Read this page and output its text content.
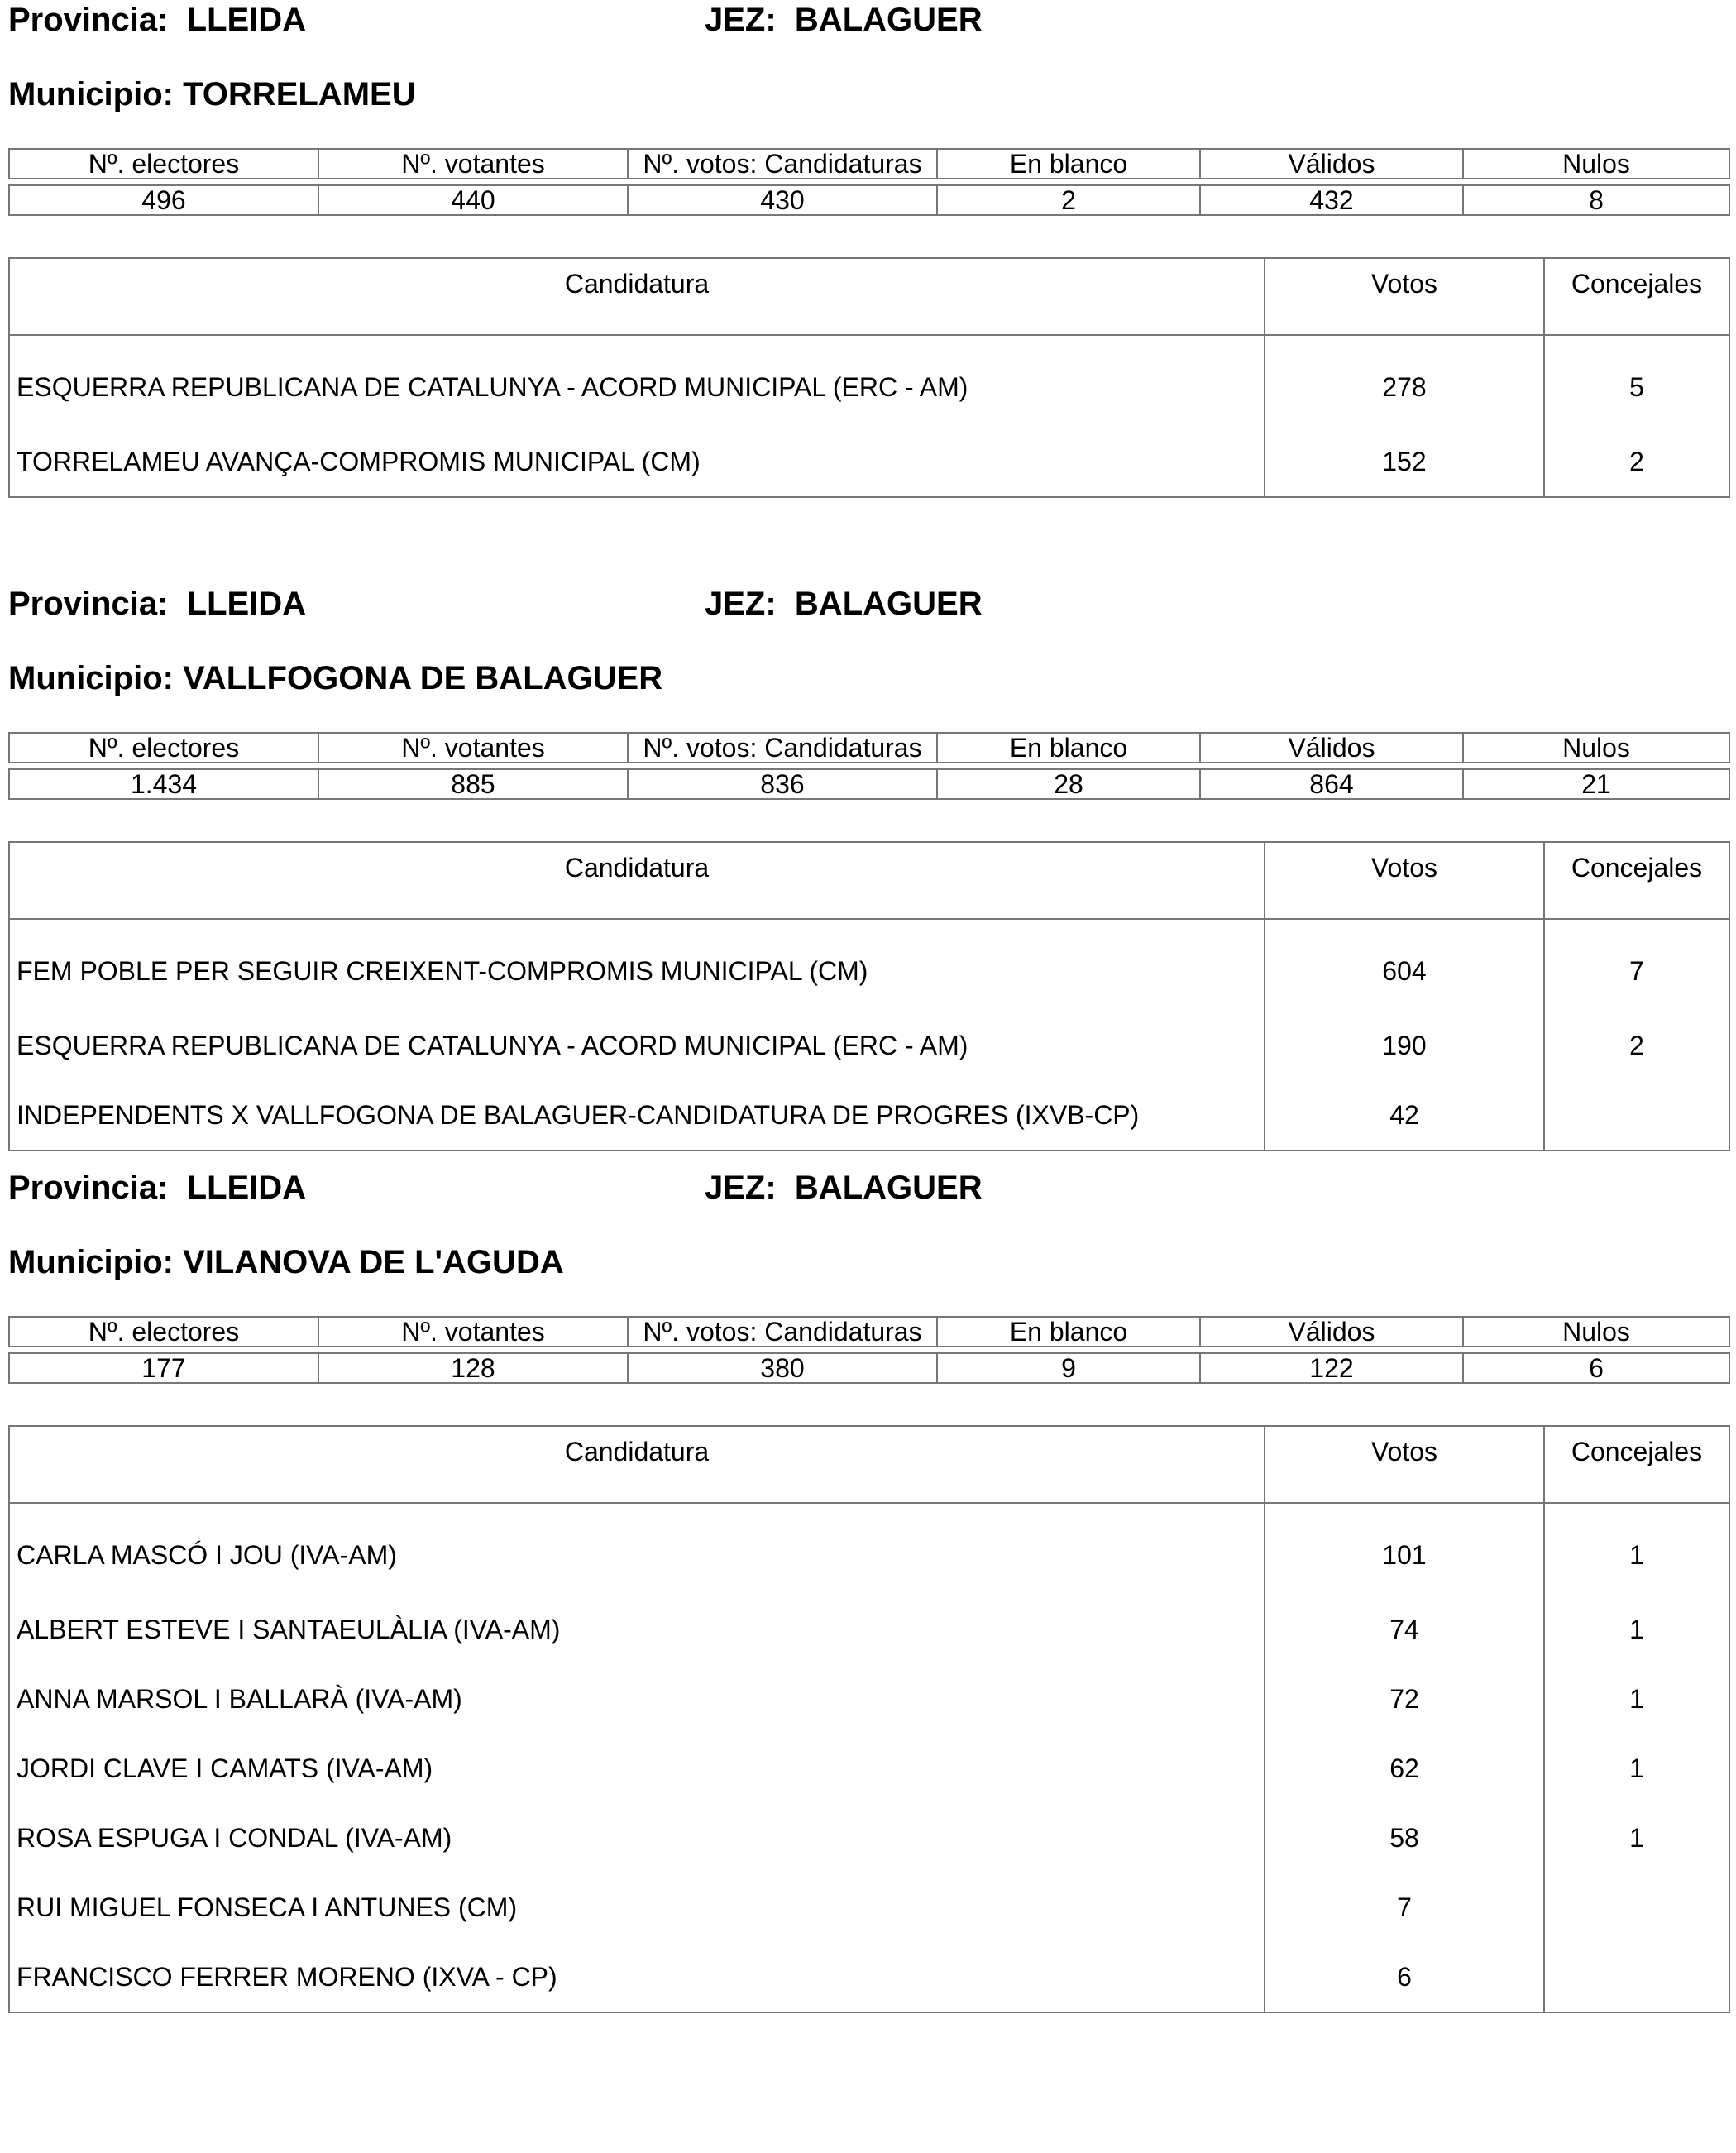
Provincia: LLEIDA	JEZ: BALAGUER
Municipio: TORRELAMEU
Nº. electores	Nº. votantes	Nº. votos: Candidaturas	En blanco	Válidos	Nulos

496	440	430	2	432	8
Candidatura	Votos	Concejales
ESQUERRA REPUBLICANA DE CATALUNYA - ACORD MUNICIPAL (ERC - AM)	278	5
TORRELAMEU AVANÇA-COMPROMIS MUNICIPAL (CM)	152	2
Provincia: LLEIDA	JEZ: BALAGUER
Municipio: VALLFOGONA DE BALAGUER
Nº. electores	Nº. votantes	Nº. votos: Candidaturas	En blanco	Válidos	Nulos

1.434	885	836	28	864	21
Candidatura	Votos	Concejales
FEM POBLE PER SEGUIR CREIXENT-COMPROMIS MUNICIPAL (CM)	604	7
ESQUERRA REPUBLICANA DE CATALUNYA - ACORD MUNICIPAL (ERC - AM)	190	2
INDEPENDENTS X VALLFOGONA DE BALAGUER-CANDIDATURA DE PROGRES (IXVB-CP)	42	
Provincia: LLEIDA	JEZ: BALAGUER
Municipio: VILANOVA DE L'AGUDA
Nº. electores	Nº. votantes	Nº. votos: Candidaturas	En blanco	Válidos	Nulos

177	128	380	9	122	6
Candidatura	Votos	Concejales
CARLA MASCÓ I JOU (IVA-AM)	101	1
ALBERT ESTEVE I SANTAEULÀLIA (IVA-AM)	74	1
ANNA MARSOL I BALLARÀ (IVA-AM)	72	1
JORDI CLAVE I CAMATS (IVA-AM)	62	1
ROSA ESPUGA I CONDAL (IVA-AM)	58	1
RUI MIGUEL FONSECA I ANTUNES (CM)	7	
FRANCISCO FERRER MORENO (IXVA - CP)	6	
